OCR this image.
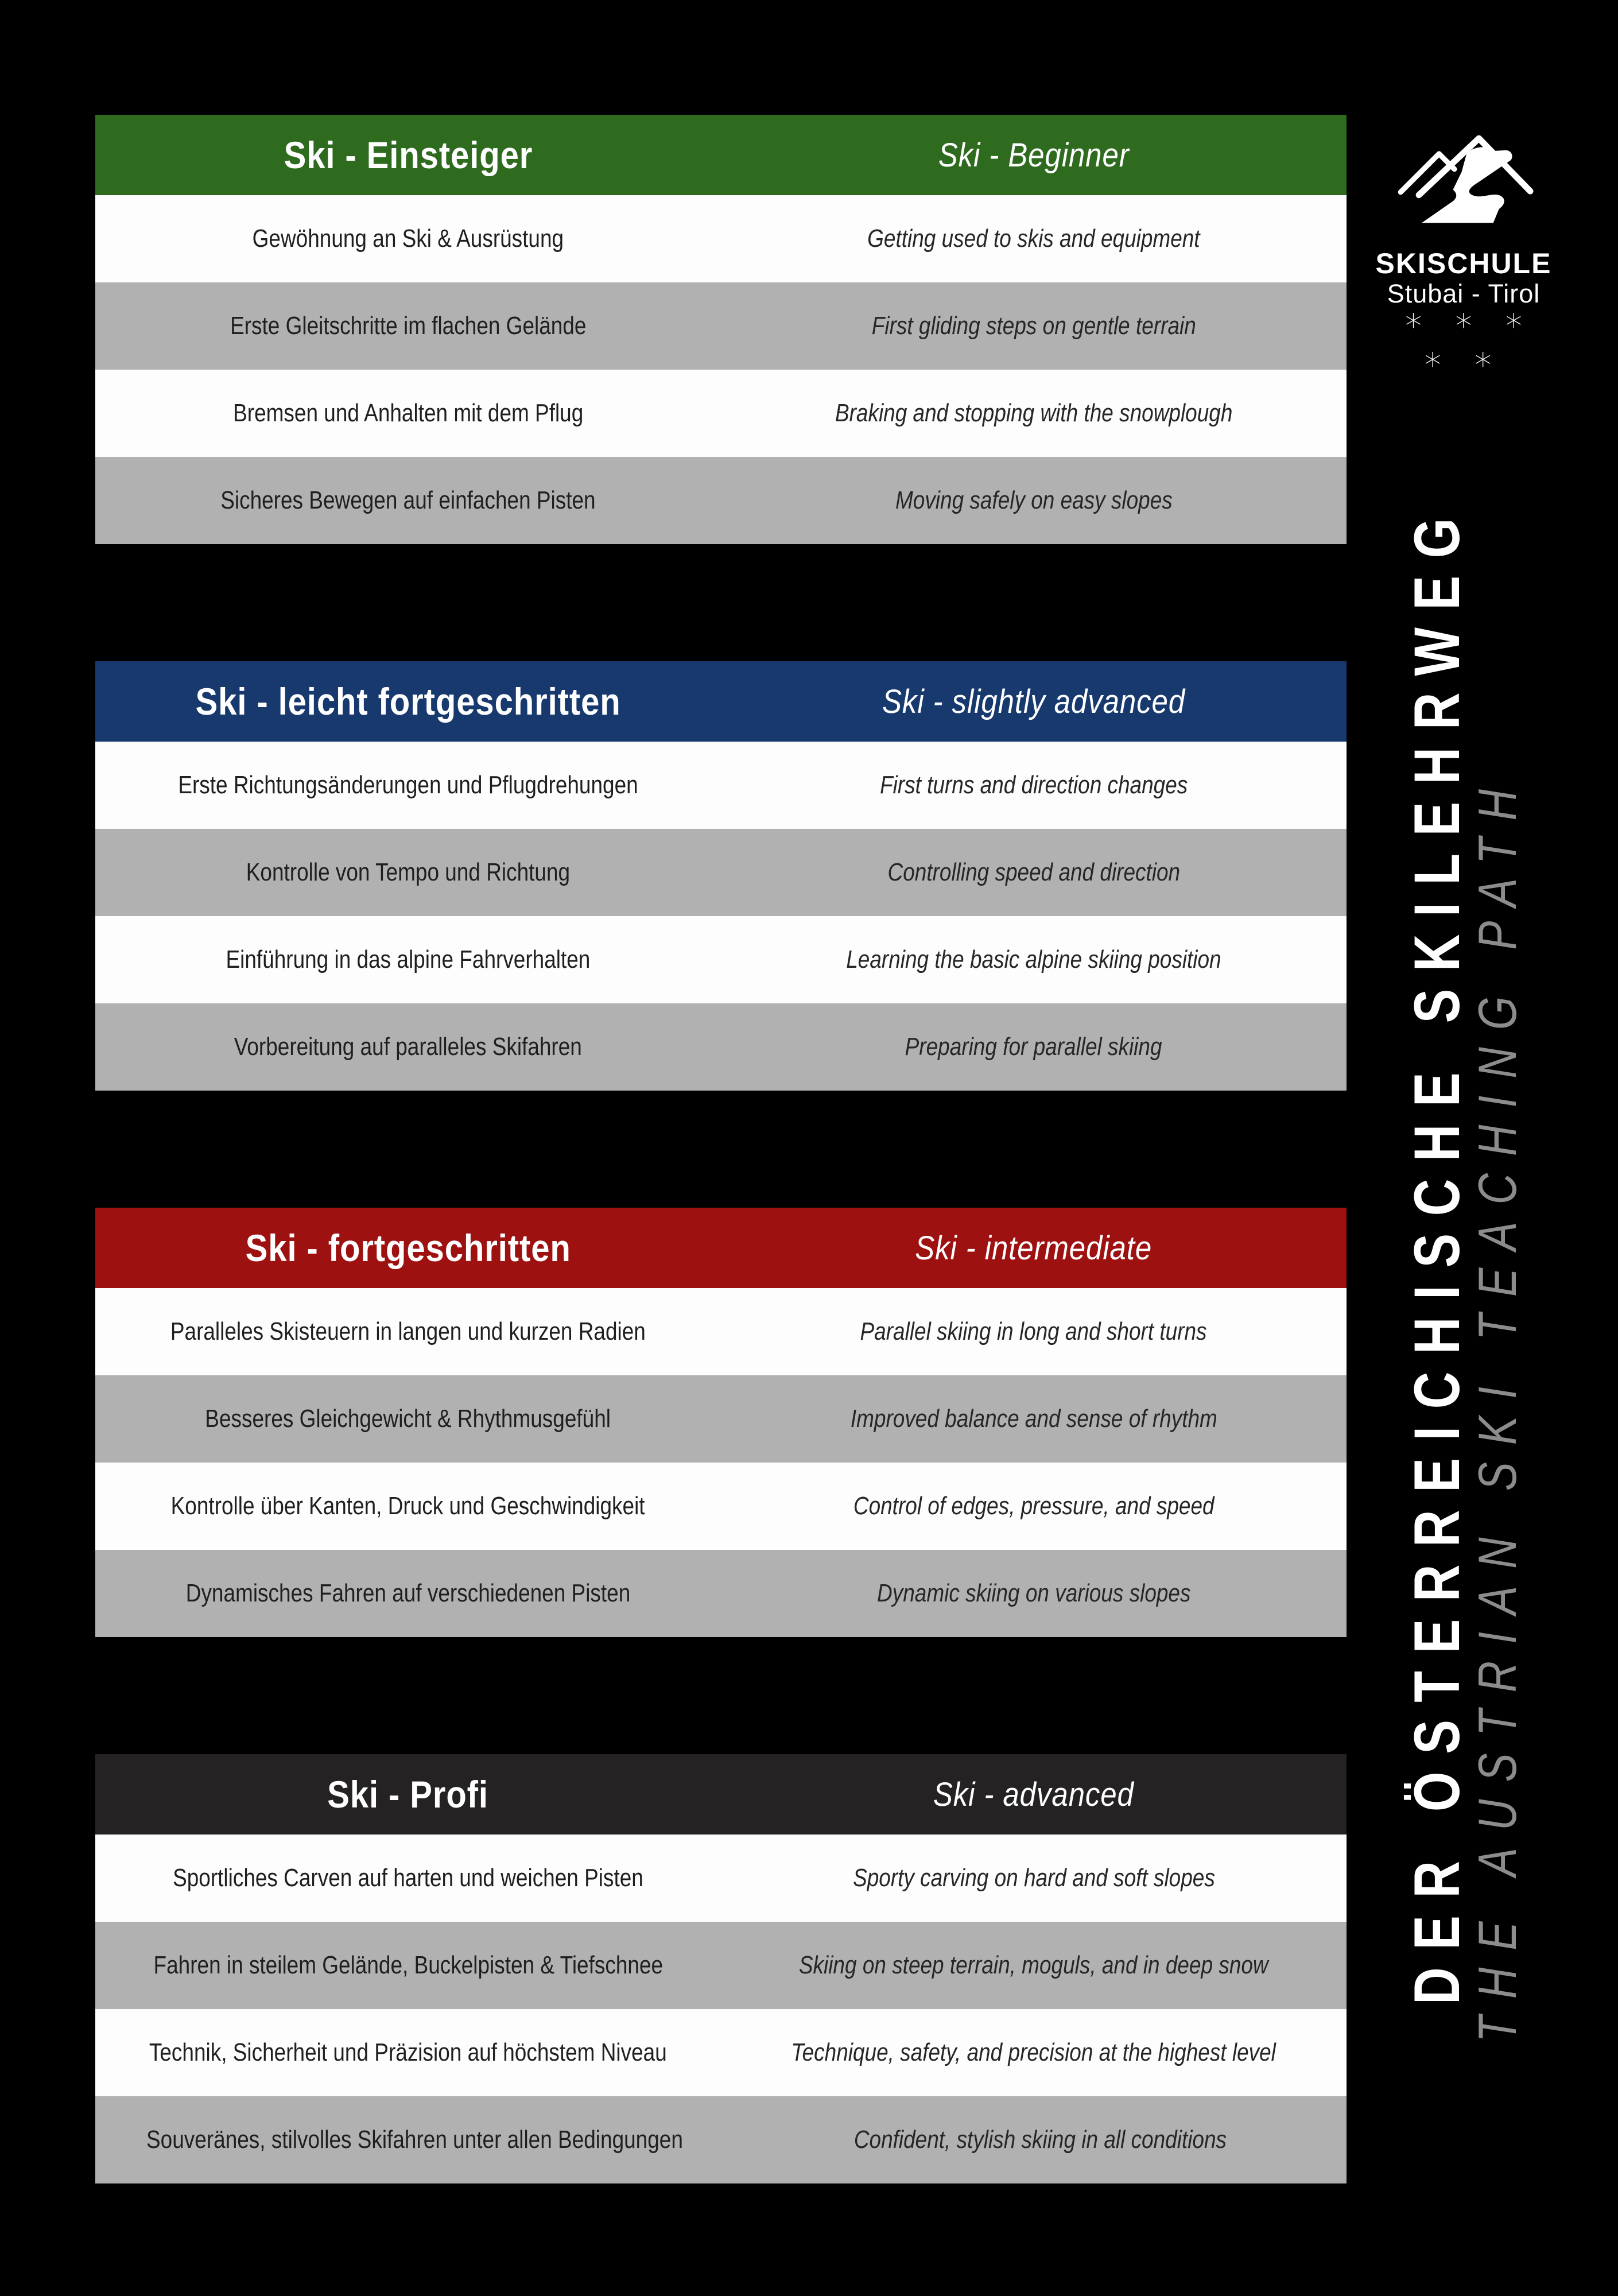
Ski - Einsteiger	Ski - Beginner
Gewöhnung an Ski & Ausrüstung	Getting used to skis and equipment
Erste Gleitschritte im flachen Gelände	First gliding steps on gentle terrain
Bremsen und Anhalten mit dem Pflug	Braking and stopping with the snowplough
Sicheres Bewegen auf einfachen Pisten	Moving safely on easy slopes
Ski - leicht fortgeschritten	Ski - slightly advanced
Erste Richtungsänderungen und Pflugdrehungen	First turns and direction changes
Kontrolle von Tempo und Richtung	Controlling speed and direction
Einführung in das alpine Fahrverhalten	Learning the basic alpine skiing position
Vorbereitung auf paralleles Skifahren	Preparing for parallel skiing
Ski - fortgeschritten	Ski - intermediate
Paralleles Skisteuern in langen und kurzen Radien	Parallel skiing in long and short turns
Besseres Gleichgewicht & Rhythmusgefühl	Improved balance and sense of rhythm
Kontrolle über Kanten, Druck und Geschwindigkeit	Control of edges, pressure, and speed
Dynamisches Fahren auf verschiedenen Pisten	Dynamic skiing on various slopes
Ski - Profi	Ski - advanced
Sportliches Carven auf harten und weichen Pisten	Sporty carving on hard and soft slopes
Fahren in steilem Gelände, Buckelpisten & Tiefschnee	Skiing on steep terrain, moguls, and in deep snow
Technik, Sicherheit und Präzision auf höchstem Niveau	Technique, safety, and precision at the highest level
Souveränes, stilvolles Skifahren unter allen Bedingungen	Confident, stylish skiing in all conditions
SKISCHULE
Stubai - Tirol
* * * * *
DER ÖSTERREICHISCHE SKILEHRWEG
THE AUSTRIAN SKI TEACHING PATH
